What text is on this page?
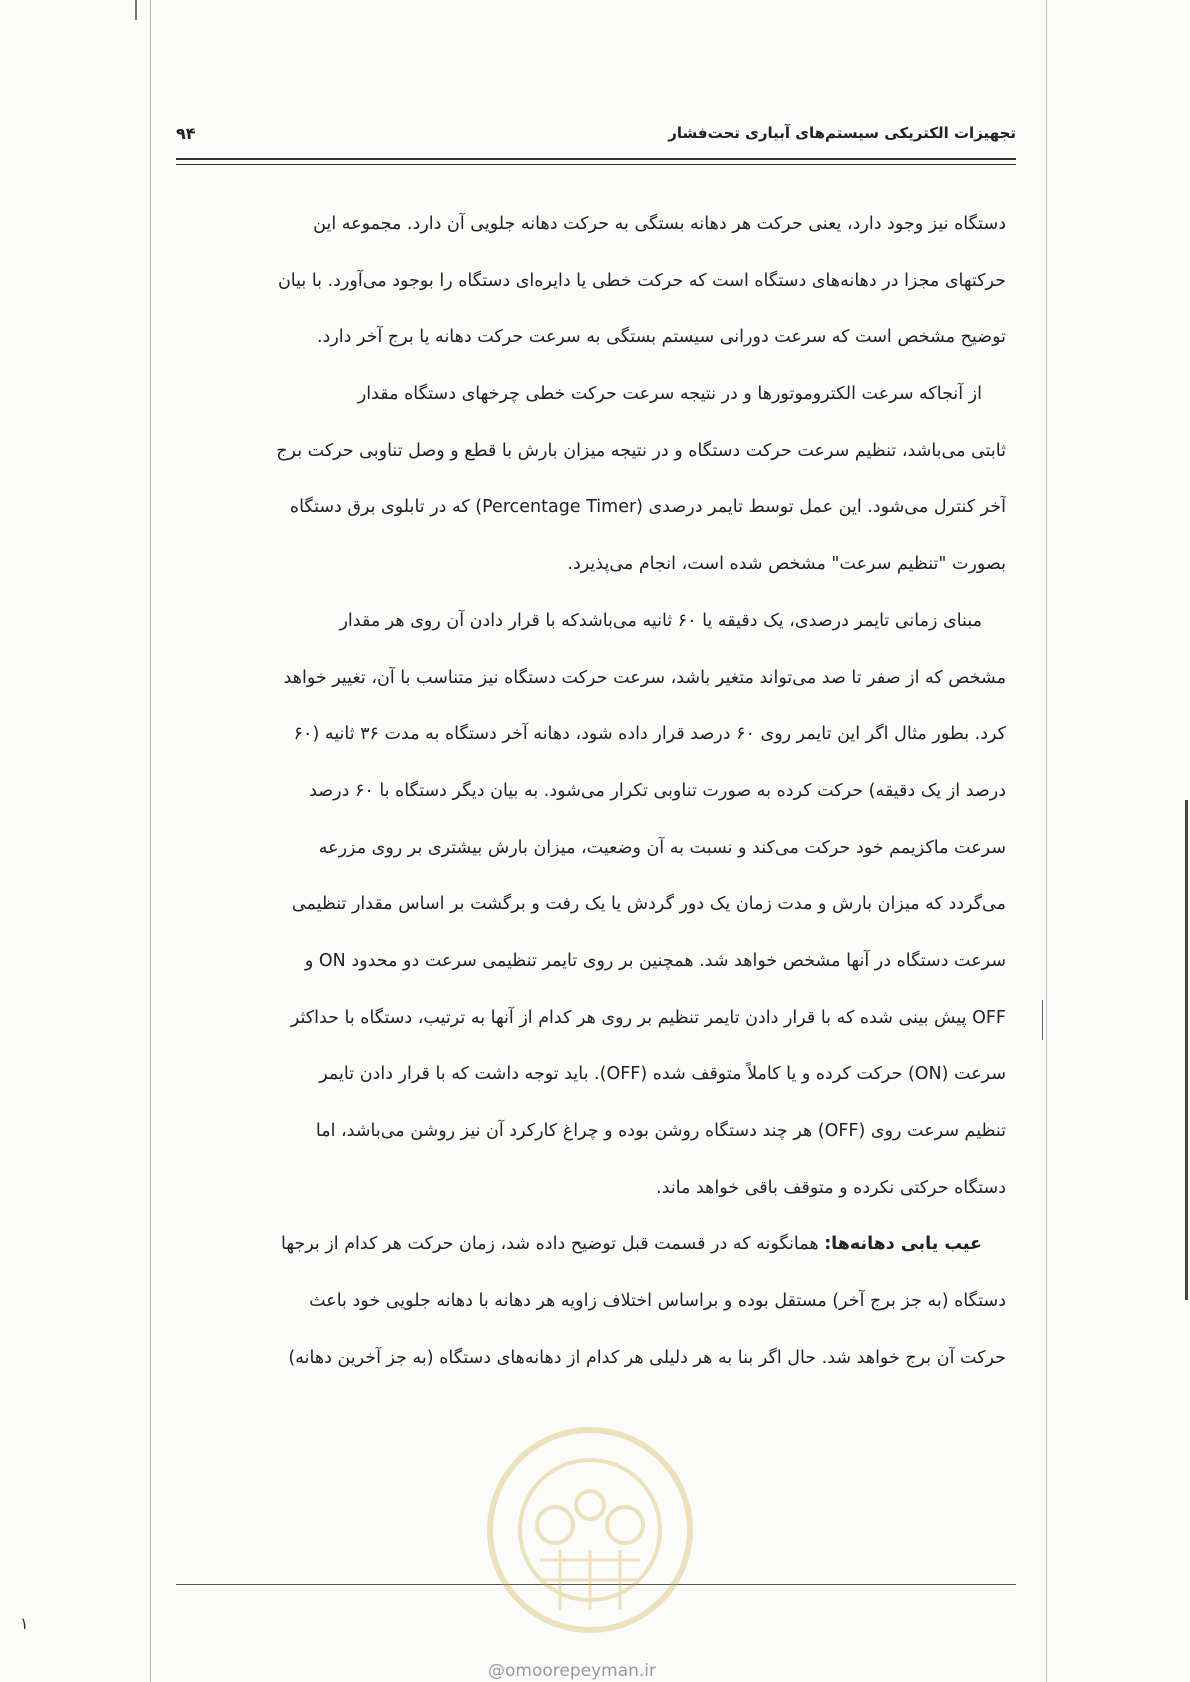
۹۴	تجهیزات الکتریکی سیستم‌های آبیاری تحت‌فشار
دستگاه نیز وجود دارد، یعنی حرکت هر دهانه بستگی به حرکت دهانه جلویی آن دارد. مجموعه این
حرکتهای مجزا در دهانه‌های دستگاه است که حرکت خطی یا دایره‌ای دستگاه را بوجود می‌آورد. با بیان
توضیح مشخص است که سرعت دورانی سیستم بستگی به سرعت حرکت دهانه یا برج آخر دارد.
از آنجاکه سرعت الکتروموتورها و در نتیجه سرعت حرکت خطی چرخهای دستگاه مقدار
ثابتی می‌باشد، تنظیم سرعت حرکت دستگاه و در نتیجه میزان بارش با قطع و وصل تناوبی حرکت برج
آخر کنترل می‌شود. این عمل توسط تایمر درصدی (Percentage Timer) که در تابلوی برق دستگاه
بصورت "تنظیم سرعت" مشخص شده است، انجام می‌پذیرد.
مبنای زمانی تایمر درصدی، یک دقیقه یا ۶۰ ثانیه می‌باشدکه با قرار دادن آن روی هر مقدار
مشخص که از صفر تا صد می‌تواند متغیر باشد، سرعت حرکت دستگاه نیز متناسب با آن، تغییر خواهد
کرد. بطور مثال اگر این تایمر روی ۶۰ درصد قرار داده شود، دهانه آخر دستگاه به مدت ۳۶ ثانیه (۶۰
درصد از یک دقیقه) حرکت کرده به صورت تناوبی تکرار می‌شود. به بیان دیگر دستگاه با ۶۰ درصد
سرعت ماکزیمم خود حرکت می‌کند و نسبت به آن وضعیت، میزان بارش بیشتری بر روی مزرعه
می‌گردد که میزان بارش و مدت زمان یک دور گردش یا یک رفت و برگشت بر اساس مقدار تنظیمی
سرعت دستگاه در آنها مشخص خواهد شد. همچنین بر روی تایمر تنظیمی سرعت دو محدود ON و
OFF پیش بینی شده که با قرار دادن تایمر تنظیم بر روی هر کدام از آنها به ترتیب، دستگاه با حداکثر
سرعت (ON) حرکت کرده و یا کاملاً متوقف شده (OFF). باید توجه داشت که با قرار دادن تایمر
تنظیم سرعت روی (OFF) هر چند دستگاه روشن بوده و چراغ کارکرد آن نیز روشن می‌باشد، اما
دستگاه حرکتی نکرده و متوقف باقی خواهد ماند.
عیب یابی دهانه‌ها: همانگونه که در قسمت قبل توضیح داده شد، زمان حرکت هر کدام از برجها
دستگاه (به جز برج آخر) مستقل بوده و براساس اختلاف زاویه هر دهانه با دهانه جلویی خود باعث
حرکت آن برج خواهد شد. حال اگر بنا به هر دلیلی هر کدام از دهانه‌های دستگاه (به جز آخرین دهانه)
@omoorepeyman.ir
۱
